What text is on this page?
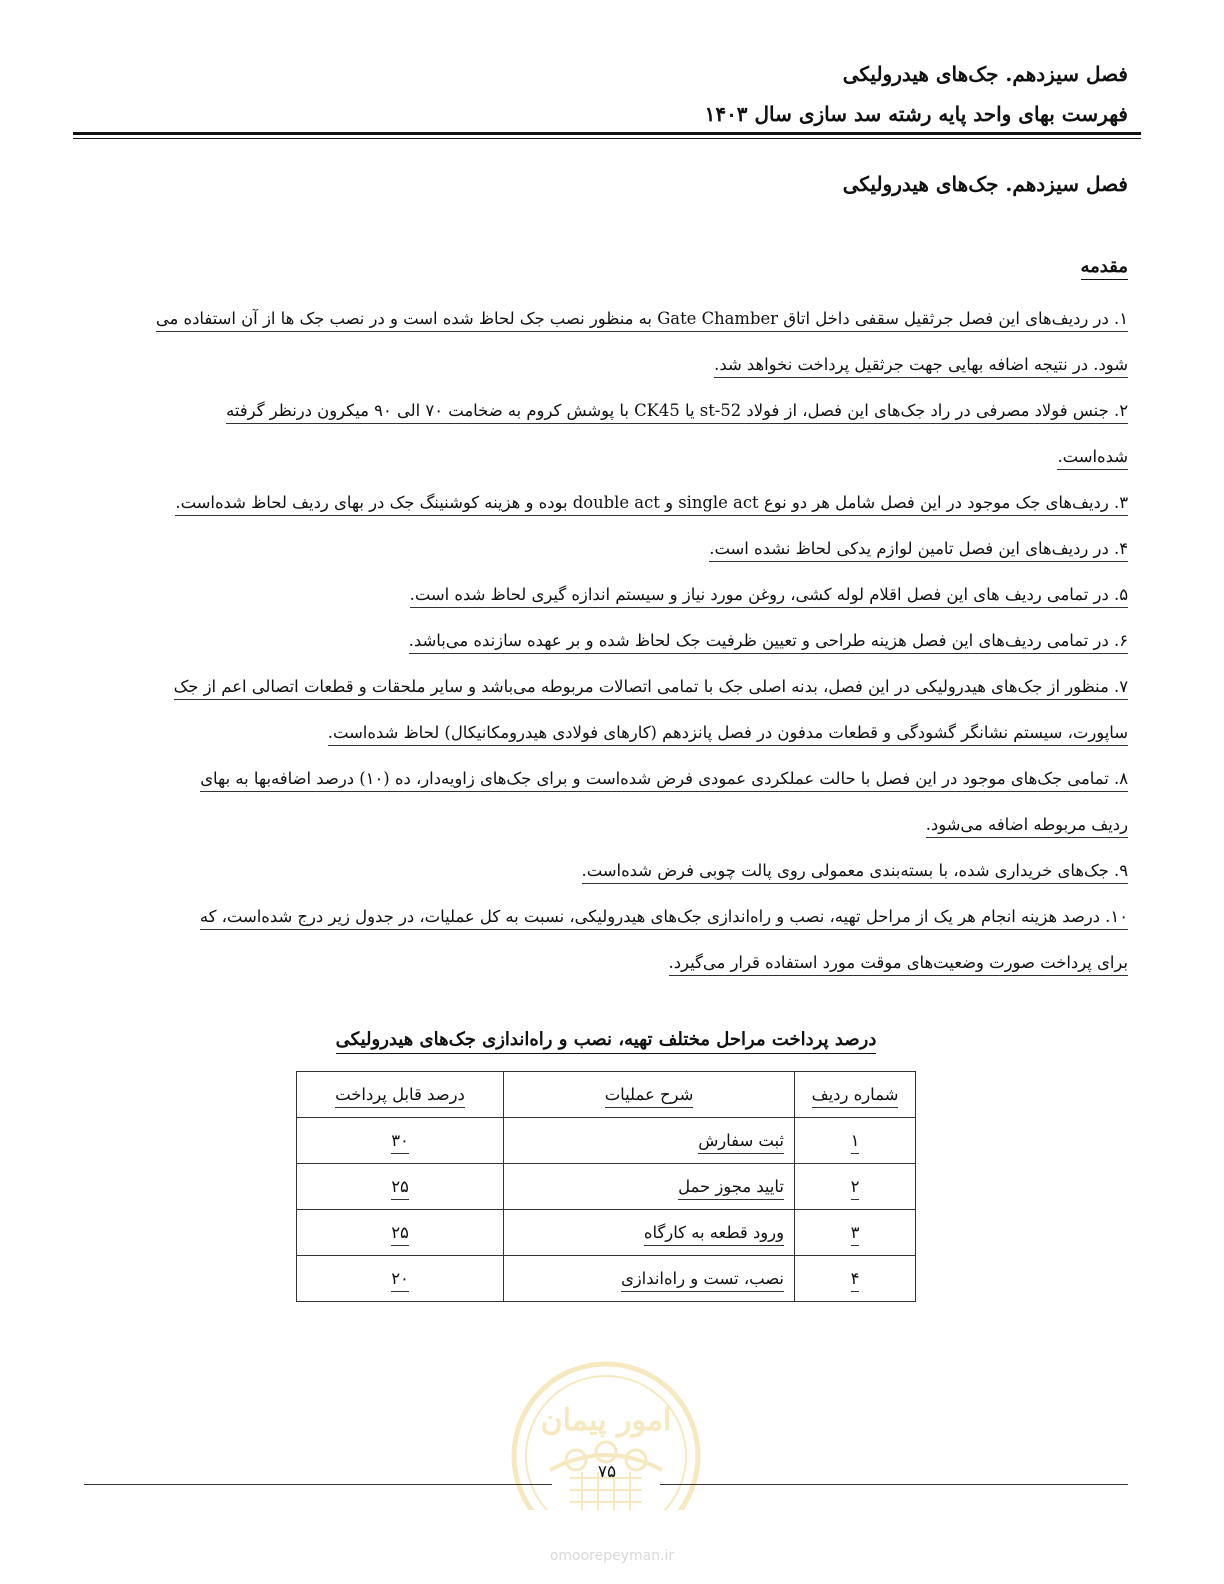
فصل سیزدهم. جک‌های هیدرولیکی
فهرست بهای واحد پایه رشته سد سازی سال ۱۴۰۳
فصل سیزدهم. جک‌های هیدرولیکی
مقدمه

۱. در ردیف‌های این فصل جرثقیل سقفی داخل اتاق Gate Chamber به منظور نصب جک لحاظ شده است و در نصب جک ها از آن استفاده می
شود. در نتیجه اضافه بهایی جهت جرثقیل پرداخت نخواهد شد.

۲. جنس فولاد مصرفی در راد جک‌های این فصل، از فولاد st-52 یا CK45 با پوشش کروم به ضخامت ۷۰ الی ۹۰ میکرون درنظر گرفته
شده‌است.

۳. ردیف‌های جک موجود در این فصل شامل هر دو نوع single act و double act بوده و هزینه کوشنینگ جک در بهای ردیف لحاظ شده‌است.

۴. در ردیف‌های این فصل تامین لوازم یدکی لحاظ نشده است.

۵. در تمامی ردیف های این فصل اقلام لوله کشی، روغن مورد نیاز و سیستم اندازه گیری لحاظ شده است.

۶. در تمامی ردیف‌های این فصل هزینه طراحی و تعیین ظرفیت جک لحاظ شده و بر عهده سازنده می‌باشد.

۷. منظور از جک‌های هیدرولیکی در این فصل، بدنه اصلی جک با تمامی اتصالات مربوطه می‌باشد و سایر ملحقات و قطعات اتصالی اعم از جک
ساپورت، سیستم نشانگر گشودگی و قطعات مدفون در فصل پانزدهم (کارهای فولادی هیدرومکانیکال) لحاظ شده‌است.

۸. تمامی جک‌های موجود در این فصل با حالت عملکردی عمودی فرض شده‌است و برای جک‌های زاویه‌دار، ده (۱۰) درصد اضافه‌بها به بهای
ردیف مربوطه اضافه می‌شود.

۹. جک‌های خریداری شده، با بسته‌بندی معمولی روی پالت چوبی فرض شده‌است.

۱۰. درصد هزینه انجام هر یک از مراحل تهیه، نصب و راه‌اندازی جک‌های هیدرولیکی، نسبت به کل عملیات، در جدول زیر درج شده‌است، که
برای پرداخت صورت وضعیت‌های موقت مورد استفاده قرار می‌گیرد.

درصد پرداخت مراحل مختلف تهیه، نصب و راه‌اندازی جک‌های هیدرولیکی
شماره ردیف	شرح عملیات	درصد قابل پرداخت
۱	ثبت سفارش	۳۰
۲	تایید مجوز حمل	۲۵
۳	ورود قطعه به کارگاه	۲۵
۴	نصب، تست و راه‌اندازی	۲۰
امور پیمان
۷۵
omoorepeyman.ir
